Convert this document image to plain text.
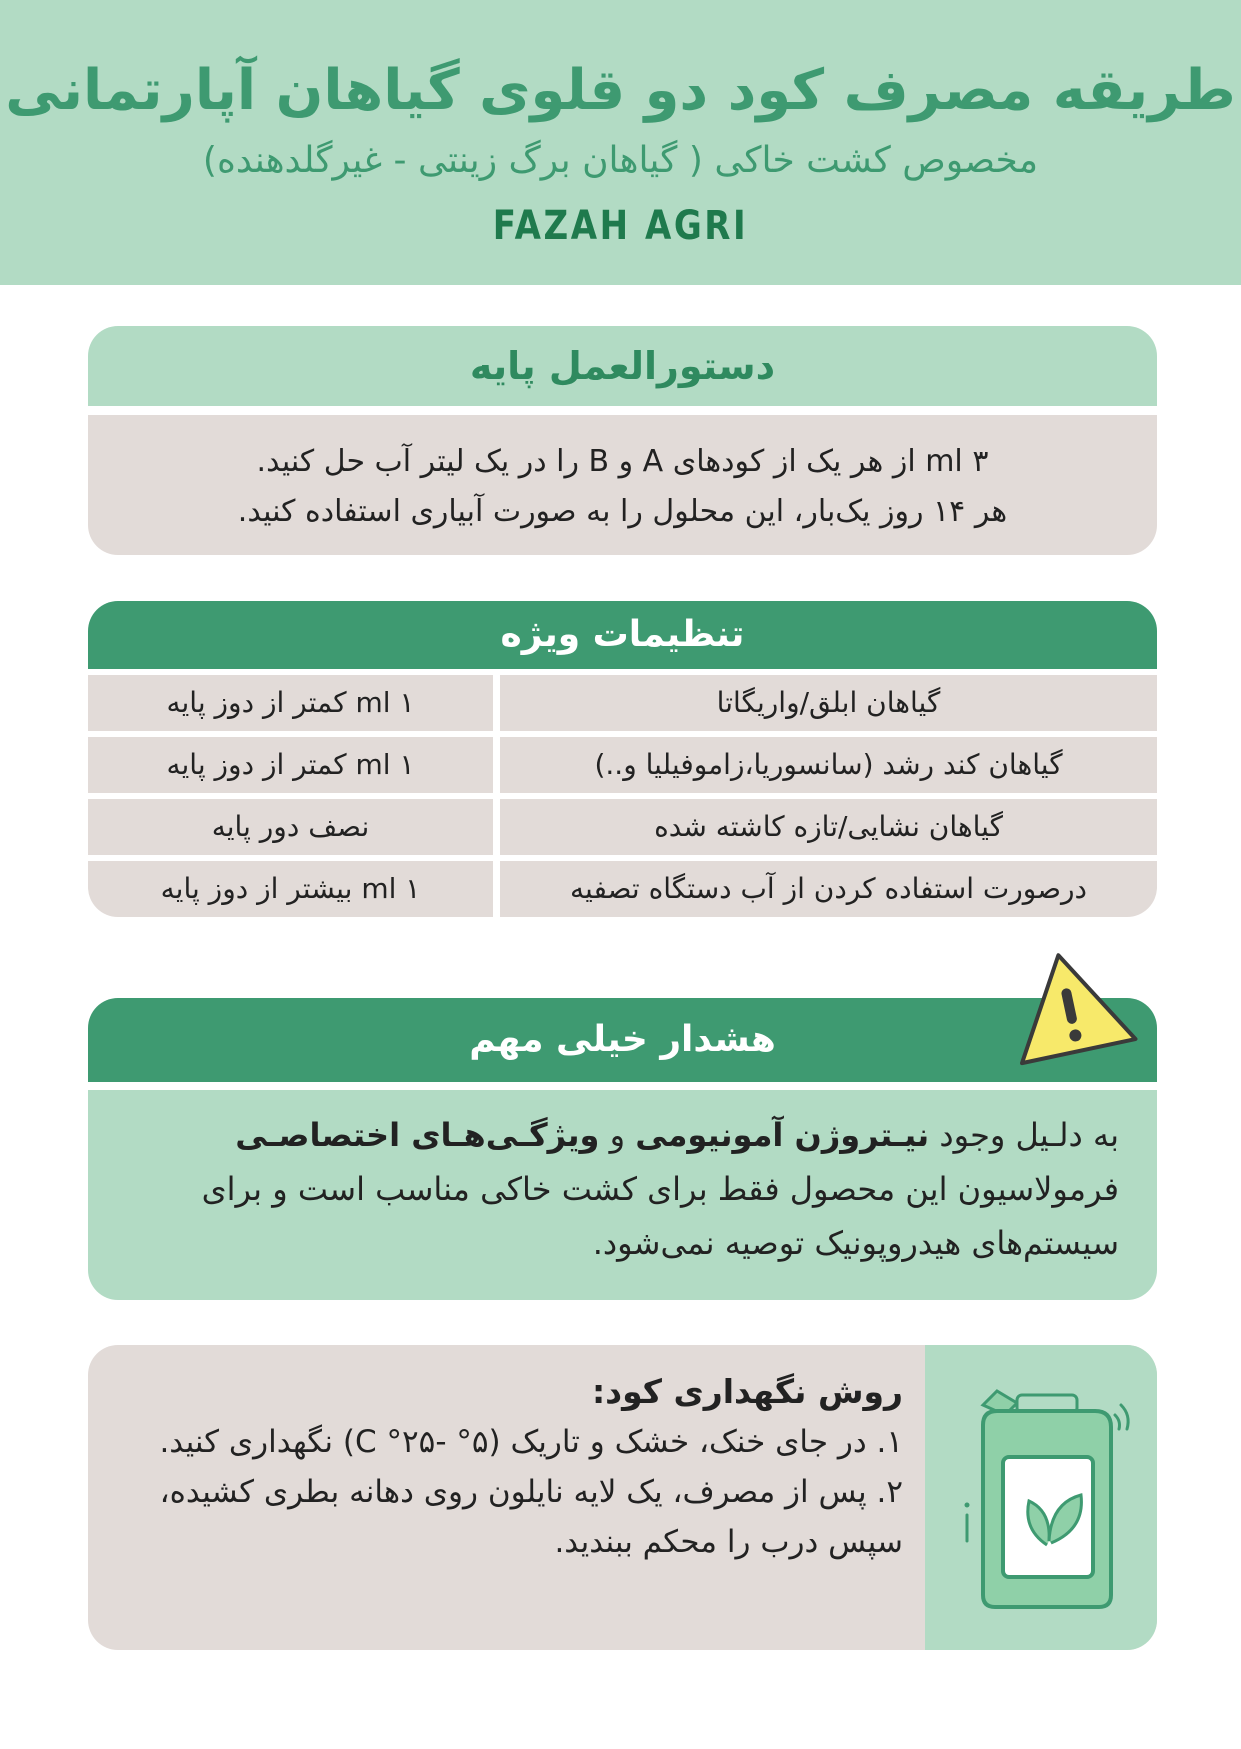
طریقه مصرف کود دو قلوی گیاهان آپارتمانی
مخصوص کشت خاکی ( گیاهان برگ زینتی - غیرگلدهنده)
FAZAH AGRI
دستورالعمل پایه
۳ ml از هر یک از کودهای A و B را در یک لیتر آب حل کنید.
هر ۱۴ روز یک‌بار، این محلول را به صورت آبیاری استفاده کنید.
تنظیمات ویژه
گیاهان ابلق/واریگاتا
۱ ml کمتر از دوز پایه
گیاهان کند رشد (سانسوریا،زاموفیلیا و..)
۱ ml کمتر از دوز پایه
گیاهان نشایی/تازه کاشته شده
نصف دور پایه
درصورت استفاده کردن از آب دستگاه تصفیه
۱ ml بیشتر از دوز پایه
هشدار خیلی مهم
به دلـیل وجود نیـتروژن آمونیومی و ویژگـی‌هـای اختصاصـی فرمولاسیون این محصول فقط برای کشت خاکی مناسب است و برای سیستم‌های هیدروپونیک توصیه نمی‌شود.
روش نگهداری کود:
۱. در جای خنک، خشک و تاریک (۵° -۲۵° C) نگهداری کنید.
۲. پس از مصرف، یک لایه نایلون روی دهانه بطری کشیده، سپس درب را محکم ببندید.
